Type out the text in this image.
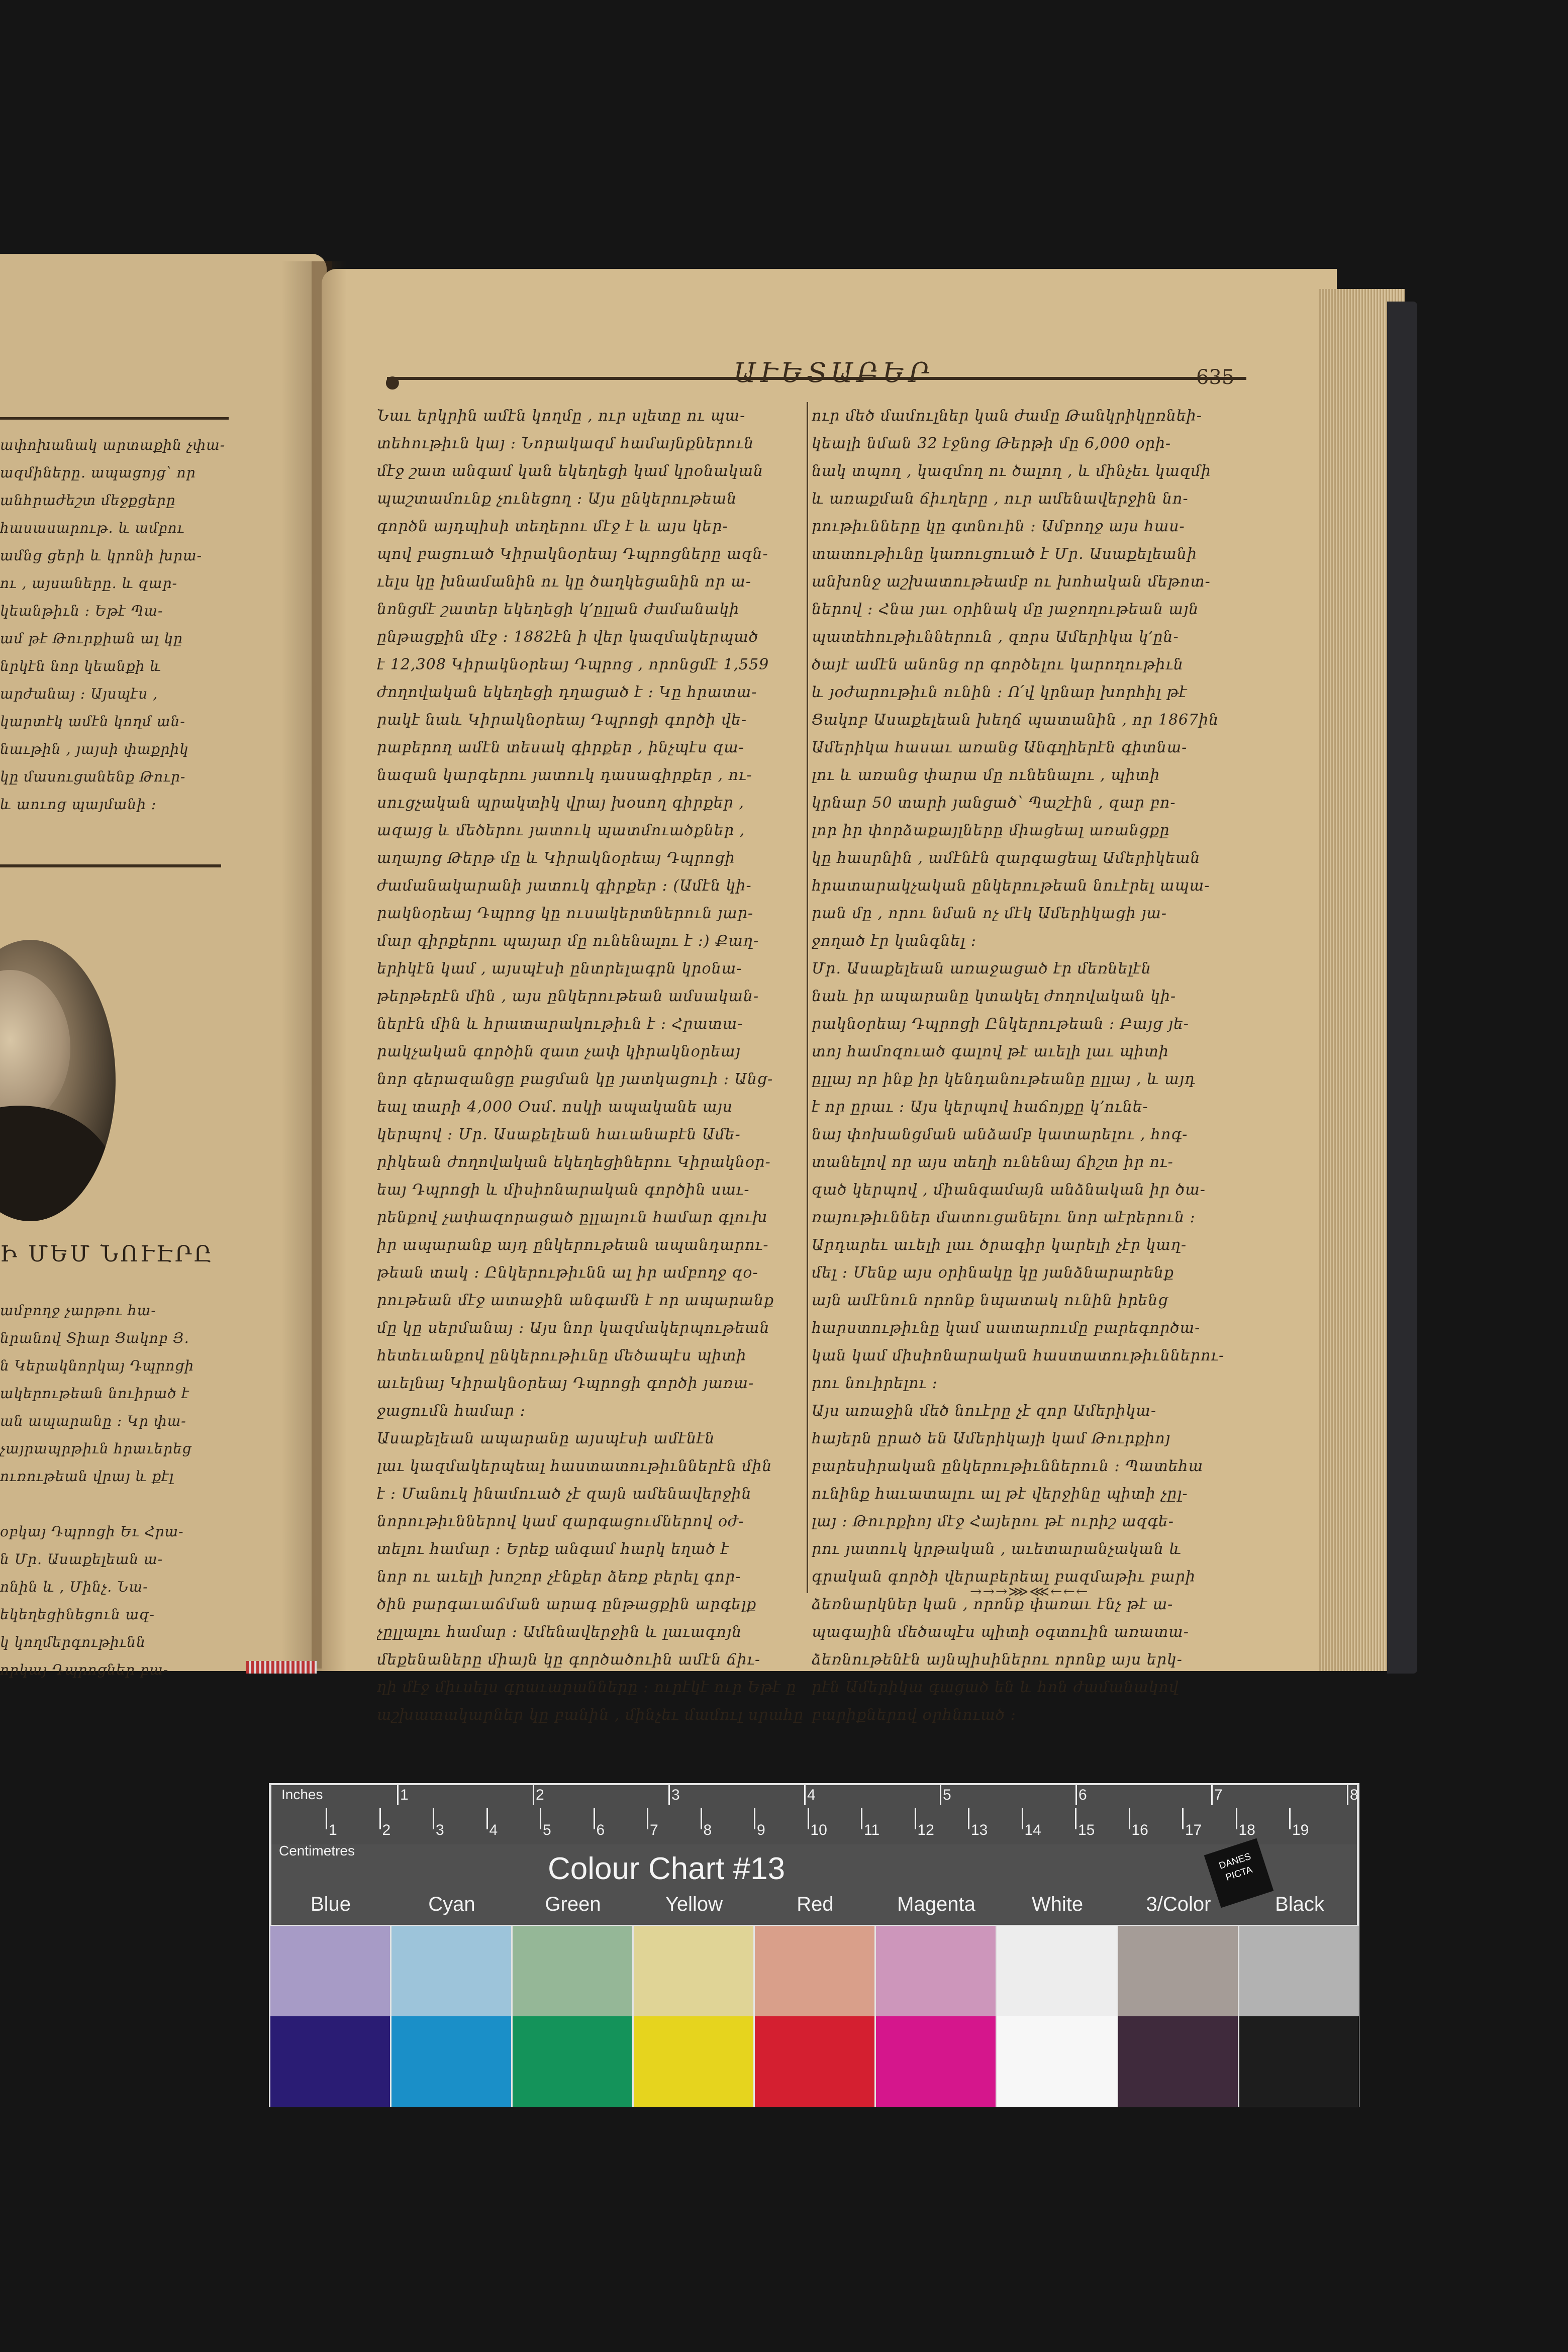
●	ԱՒԵՏԱԲԵՐ	635
Նաւ երկրին ամէն կողմը , ուր սլետը ու պա-
տեհութիւն կայ ։ Նորակազմ համայնքներուն
մէջ շատ անգամ կան եկեղեցի կամ կրօնական
պաշտամունք չունեցող ։ Այս ընկերութեան
գործն այդպիսի տեղերու մէջ է և այս կեր-
պով բացուած Կիրակնօրեայ Դպրոցները ազն-
ւելս կը խնամանին ու կը ծաղկեցանին որ ա-
նոնցմէ շատեր եկեղեցի կ՚ըլլան ժամանակի
ընթացքին մէջ ։ 1882էն ի վեր կազմակերպած
է 12,308 Կիրակնօրեայ Դպրոց , որոնցմէ 1,559
ժողովական եկեղեցի դղացած է ։ Կը հրատա-
րակէ նաև Կիրակնօրեայ Դպրոցի գործի վե-
րաբերող ամէն տեսակ գիրքեր , ինչպէս զա-
նազան կարգերու յատուկ դասագիրքեր , ու-
սուցչական պրակտիկ վրայ խօսող գիրքեր ,
ազայց և մեծերու յատուկ պատմուածքներ ,
աղայոց Թերթ մը և Կիրակնօրեայ Դպրոցի
ժամանակարանի յատուկ գիրքեր ։ (Ամէն կի-
րակնօրեայ Դպրոց կը ուսակերտներուն յար-
մար գիրքերու պայար մը ունենալու է ։) Քաղ-
երիկէն կամ , այսպէսի ընտրելագրն կրօնա-
թերթերէն մին , այս ընկերութեան ամսական-
ներէն մին և հրատարակութիւն է ։ Հրատա-
րակչական գործին զատ չափ կիրակնօրեայ
նոր գերազանցը բացման կը յատկացուի ։ Անց-
եալ տարի 4,000 Օսմ․ ոսկի ապականե այս
կերպով ։ Մր․ Ասաքելեան հաւանաբէն Ամե-
րիկեան ժողովական եկեղեցիներու Կիրակնօր-
եայ Դպրոցի և միսիոնարական գործին սաւ-
րենքով չափազորացած ըլլալուն համար գլուխ
իր ապարանք այդ ընկերութեան ապանդարու-
թեան տակ ։ Ընկերութիւնն ալ իր ամբողջ զօ-
րութեան մէջ ատաջին անգամն է որ ապարանք
մը կը սերմանայ ։ Այս նոր կազմակերպութեան
հետեւանքով ընկերութիւնը մեծապէս պիտի
աւելնայ Կիրակնօրեայ Դպրոցի գործի յառա-
ջացումն համար ։
Ասաքելեան ապարանը այսպէսի ամէնէն
լաւ կազմակերպեալ հաստատութիւններէն մին
է ։ Մանուկ ինամուած չէ զայն ամենավերջին
նորութիւններով կամ զարգացումներով օժ-
տելու համար ։ Երեք անգամ հարկ եղած է
նոր ու աւելի խոշոր չէնքեր ձեռք բերել գոր-
ծին բարգաւաճման արագ ընթացքին արգելք
չըլլալու համար ։ Ամենավերջին և լաւագոյն
մեքենաները միայն կը գործածուին ամէն ճիւ-
ղի մէջ միւսելս գրաւարանները ։ ուրէկէ ուր Եթէ ը
աշխատակարներ կը բանին , մինչեւ մամուլ սրահը
ուր մեծ մամուլներ կան ժամը Թանկրիկըռնեի-
կեալի նման 32 էջնոց Թերթի մը 6,000 օրի-
նակ տպող , կազմող ու ծալող , և մինչեւ կազմի
և առաքման ճիւղերը , ուր ամենավերջին նո-
րութիւնները կը գտնուին ։ Ամբողջ այս հաս-
տատութիւնը կառուցուած է Մր․ Ասաքելեանի
անխոնջ աշխատութեամբ ու խոհական մեթոտ-
ներով ։ Հնա յաւ օրինակ մը յաջողութեան այն
պատեհութիւններուն , զորս Ամերիկա կ՚ըն-
ծայէ ամէն անոնց որ գործելու կարողութիւն
և յօժարութիւն ունին ։ Ո՛վ կրնար խորհիլ թէ
Ցակոբ Ասաքելեան խեղճ պատանին , որ 1867ին
Ամերիկա հասաւ առանց Անգղիերէն գիտնա-
լու և առանց փարա մը ունենալու , պիտի
կրնար 50 տարի յանցած՝ Պաշէին , զար բո-
լոր իր փորձաքայլները միացեալ առանցքը
կը հասրնին , ամէնէն զարգացեալ Ամերիկեան
հրատարակչական ընկերութեան նուէրել ապա-
րան մը , որու նման ոչ մէկ Ամերիկացի յա-
ջողած էր կանգնել ։
Մր․ Ասաքելեան առաջացած էր մեռնելէն
նաև իր ապարանը կտակել ժողովական կի-
րակնօրեայ Դպրոցի Ընկերութեան ։ Բայց յե-
տոյ համոզուած գալով թէ աւելի լաւ պիտի
ըլլայ որ ինք իր կենդանութեանը ըլլայ , և այդ
է որ ըրաւ ։ Այս կերպով հաճոյքը կ՚ունե-
նայ փոխանցման անձամբ կատարելու , հոգ-
տանելով որ այս տեղի ունենայ ճիշտ իր ու-
զած կերպով , միանգամայն անձնական իր ծա-
ռայութիւններ մատուցանելու նոր աէրերուն ։
Արդարեւ աւելի լաւ ծրագիր կարելի չէր կաղ-
մել ։ Մենք այս օրինակը կը յանձնարարենք
այն ամէնուն որոնք նպատակ ունին իրենց
հարստութիւնը կամ սատարումը բարեգործա-
կան կամ միսիոնարական հաստատութիւններու-
րու նուիրելու ։
Այս առաջին մեծ նուէրը չէ զոր Ամերիկա-
հայերն ըրած են Ամերիկայի կամ Թուրքիոյ
բարեսիրական ընկերութիւններուն ։ Պատեհա
ունինք հաւատալու ալ թէ վերջինը պիտի չըլ-
լայ ։ Թուրքիոյ մէջ Հայերու թէ ուրիշ ազգե-
րու յատուկ կրթական , աւետարանչական և
գրական գործի վերաբերեալ բազմաթիւ բարի
ձեռնարկներ կան , որոնք փառաւ էնչ թէ ա-
պագային մեծապէս պիտի օգտուին առատա-
ձեռնութենէն այնպիսիներու որոնք այս երկ-
րէն Ամերիկա գացած են և հոն ժամանակով
բարիքներով օրհնուած ։
→→→⋙⋘←←←
ափոխանակ արտաքին չփա-
ազմիները․ ապացոյց՝ որ
անհրաժեշտ մեջքցերը
հասասարութ․ և ամբու
ամնց ցերի և կրոնի խրա-
ու , այսաները․ և զար-
կեանթիւն ։ Եթէ Պա-
ամ թէ Թուրքիան ալ կը
նրկէն նոր կեանքի և
արժանայ ։ Այսպէս ,
կարտէկ ամէն կողմ ան-
նաւթին , յայսի փաքրիկ
կը մասուցանենք Թուր-
և աուոց պայմանի ։
Ի ՄԵՄ ՆՈՒԷՐԸ
ամբողջ չարթու հա-
նրանով Տիար Ցակոբ Յ․
ն Կերակնորկայ Դպրոցի
ակերութեան նուիրած է
ան ապարանը ։ Կր փա-
չայրապրթիւն հրաւերեց
ուռութեան վրայ և քէլ
օբկայ Դպրոցի Եւ Հրա-
ն Մր․ Ասաքելեան ա-
ոնին և , Մինչ․ Նա-
եկեղեցինեցուն ազ-
կ կողմերգութիւնն
որկայ Դպրոցներ բա-
Inches
Centimetres
1	2	3	4	5	6	7	8
1	2	3	4	5	6	7	8	9	10 11	12 13 14 15 16 17 18 19
Colour Chart #13	DANES PICTA
Blue	Cyan	Green	Yellow	Red	Magenta	White	3/Color	Black
